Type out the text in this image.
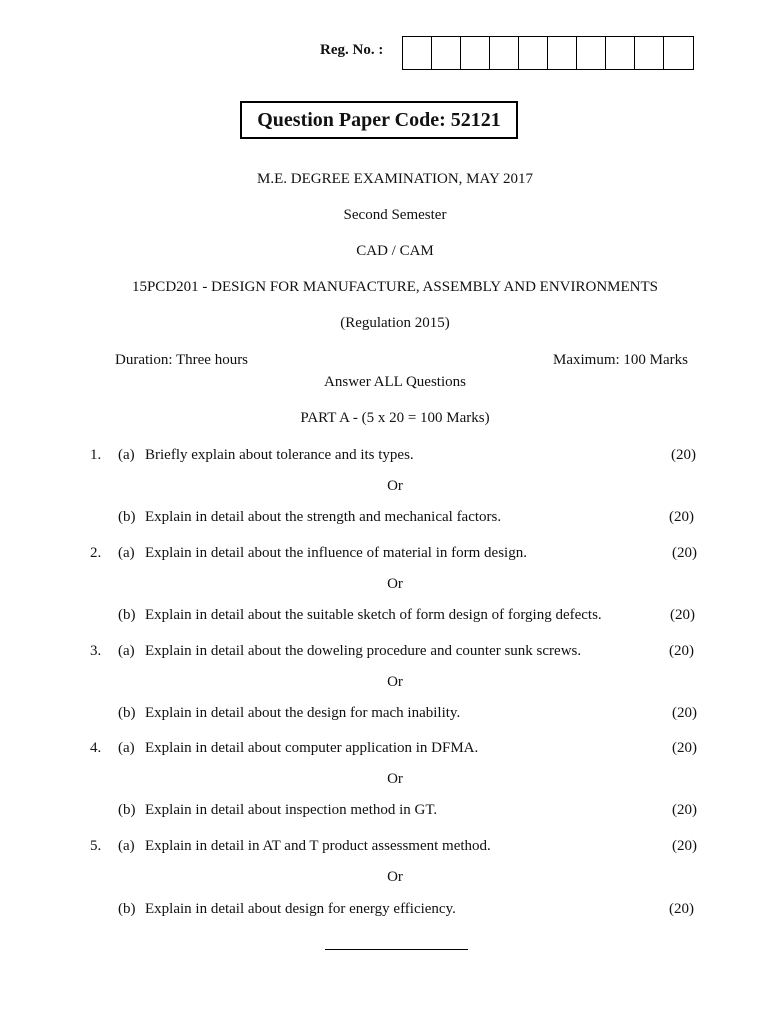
Reg. No. :
Question Paper Code: 52121
M.E. DEGREE EXAMINATION, MAY 2017
Second Semester
CAD / CAM
15PCD201 - DESIGN FOR MANUFACTURE, ASSEMBLY AND ENVIRONMENTS
(Regulation 2015)
Duration: Three hours	Maximum: 100 Marks
Answer ALL Questions
PART A - (5 x 20 = 100 Marks)
1. (a) Briefly explain about tolerance and its types.	(20)
Or
(b) Explain in detail about the strength and mechanical factors.	(20)
2. (a) Explain in detail about the influence of material in form design.	(20)
Or
(b) Explain in detail about the suitable sketch of form design of forging defects.	(20)
3. (a) Explain in detail about the doweling procedure and counter sunk screws.	(20)
Or
(b) Explain in detail about the design for mach inability.	(20)
4. (a) Explain in detail about computer application in DFMA.	(20)
Or
(b) Explain in detail about inspection method in GT.	(20)
5. (a) Explain in detail in AT and T product assessment method.	(20)
Or
(b) Explain in detail about design for energy efficiency.	(20)
